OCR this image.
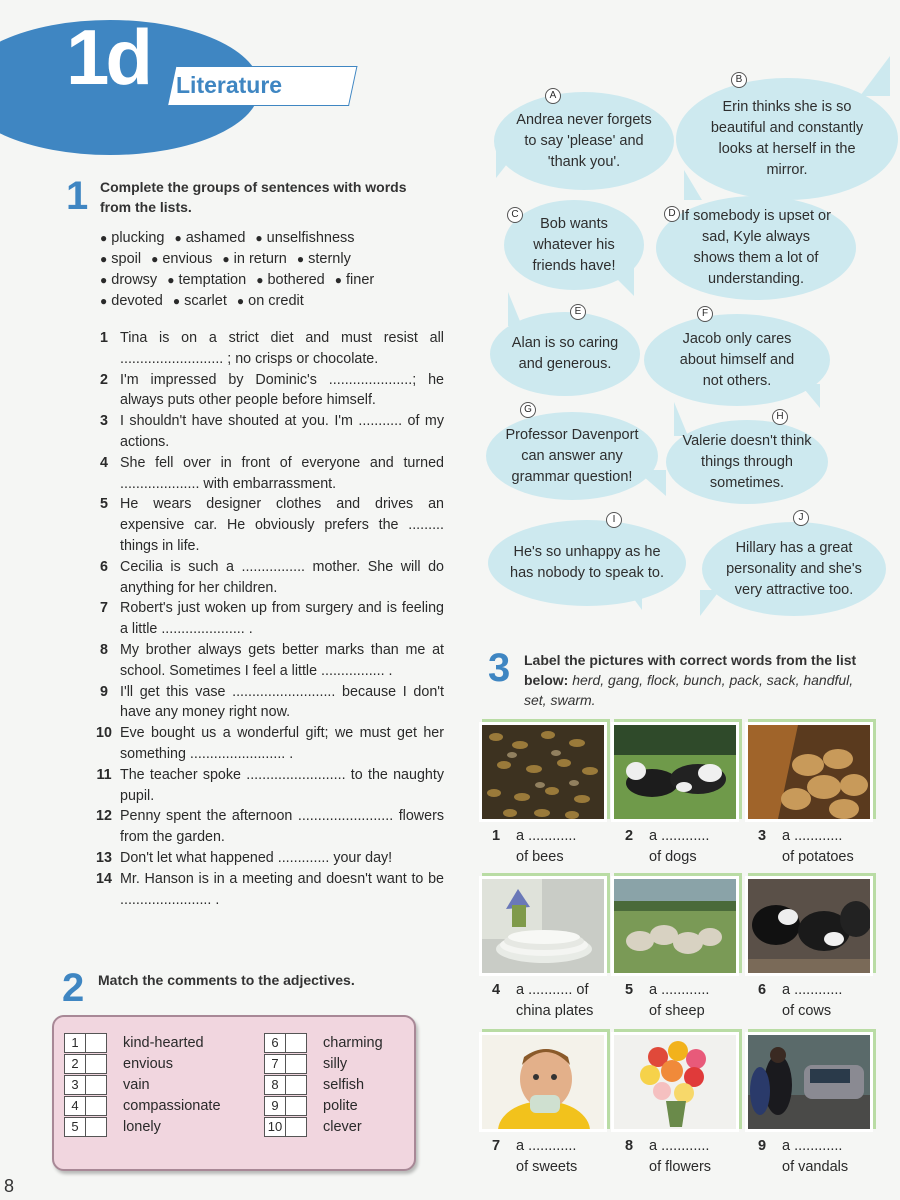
1d Literature
1 Complete the groups of sentences with words from the lists.
● plucking ● ashamed ● unselfishness
● spoil ● envious ● in return ● sternly
● drowsy ● temptation ● bothered ● finer
● devoted ● scarlet ● on credit
1 Tina is on a strict diet and must resist all .......................... ; no crisps or chocolate.
2 I'm impressed by Dominic's .....................; he always puts other people before himself.
3 I shouldn't have shouted at you. I'm ........... of my actions.
4 She fell over in front of everyone and turned .................... with embarrassment.
5 He wears designer clothes and drives an expensive car. He obviously prefers the ......... things in life.
6 Cecilia is such a ................ mother. She will do anything for her children.
7 Robert's just woken up from surgery and is feeling a little ..................... .
8 My brother always gets better marks than me at school. Sometimes I feel a little ................ .
9 I'll get this vase .......................... because I don't have any money right now.
10 Eve bought us a wonderful gift; we must get her something ........................ .
11 The teacher spoke ......................... to the naughty pupil.
12 Penny spent the afternoon ........................ flowers from the garden.
13 Don't let what happened ............. your day!
14 Mr. Hanson is in a meeting and doesn't want to be ....................... .
2 Match the comments to the adjectives.
1	kind-hearted
2	envious
3	vain
4	compassionate
5	lonely
6	charming
7	silly
8	selfish
9	polite
10	clever
Andrea never forgets to say 'please' and 'thank you'.
A
Erin thinks she is so beautiful and constantly looks at herself in the mirror.
B
Bob wants whatever his friends have!
C	If somebody is upset or sad, Kyle always shows them a lot of understanding.
D
Alan is so caring and generous.
E
Jacob only cares about himself and not others.
F
Professor Davenport can answer any grammar question!
G
Valerie doesn't think things through sometimes.
H
He's so unhappy as he has nobody to speak to.
I
Hillary has a great personality and she's very attractive too.
J
3 Label the pictures with correct words from the list below: herd, gang, flock, bunch, pack, sack, handful, set, swarm.
1 a ............
of bees
2 a ............
of dogs
3 a ............
of potatoes
4 a ........... of
china plates
5 a ............
of sheep
6 a ............
of cows
7 a ............
of sweets
8 a ............
of flowers
9 a ............
of vandals
8
